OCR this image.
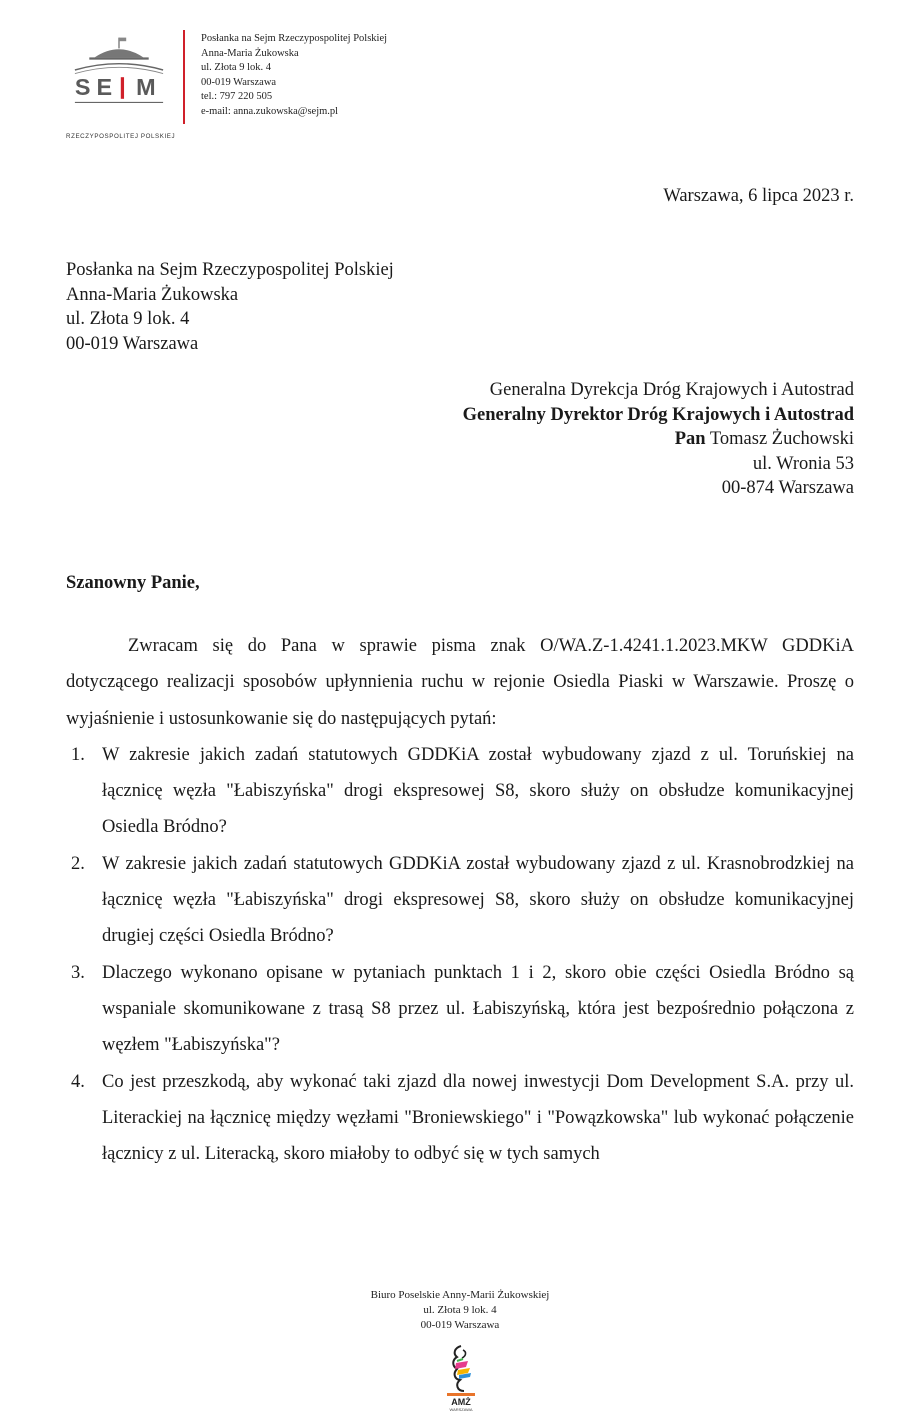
S E M
RZECZYPOSPOLITEJ POLSKIEJ
Posłanka na Sejm Rzeczypospolitej Polskiej
Anna-Maria Żukowska
ul. Złota 9 lok. 4
00-019 Warszawa
tel.: 797 220 505
e-mail: anna.zukowska@sejm.pl
Warszawa, 6 lipca 2023 r.
Posłanka na Sejm Rzeczypospolitej Polskiej
Anna-Maria Żukowska
ul. Złota 9 lok. 4
00-019 Warszawa
Generalna Dyrekcja Dróg Krajowych i Autostrad
Generalny Dyrektor Dróg Krajowych i Autostrad
Pan Tomasz Żuchowski
ul. Wronia 53
00-874 Warszawa
Szanowny Panie,

Zwracam się do Pana w sprawie pisma znak O/WA.Z-1.4241.1.2023.MKW GDDKiA dotyczącego realizacji sposobów upłynnienia ruchu w rejonie Osiedla Piaski w Warszawie. Proszę o wyjaśnienie i ustosunkowanie się do następujących pytań:

1. W zakresie jakich zadań statutowych GDDKiA został wybudowany zjazd z ul. Toruńskiej na łącznicę węzła "Łabiszyńska" drogi ekspresowej S8, skoro służy on obsłudze komunikacyjnej Osiedla Bródno?
2. W zakresie jakich zadań statutowych GDDKiA został wybudowany zjazd z ul. Krasnobrodzkiej na łącznicę węzła "Łabiszyńska" drogi ekspresowej S8, skoro służy on obsłudze komunikacyjnej drugiej części Osiedla Bródno?
3. Dlaczego wykonano opisane w pytaniach punktach 1 i 2, skoro obie części Osiedla Bródno są wspaniale skomunikowane z trasą S8 przez ul. Łabiszyńską, która jest bezpośrednio połączona z węzłem "Łabiszyńska"?
4. Co jest przeszkodą, aby wykonać taki zjazd dla nowej inwestycji Dom Development S.A. przy ul. Literackiej na łącznicę między węzłami "Broniewskiego" i "Powązkowska" lub wykonać połączenie łącznicy z ul. Literacką, skoro miałoby to odbyć się w tych samych
Biuro Poselskie Anny-Marii Żukowskiej
ul. Złota 9 lok. 4
00-019 Warszawa
AMŻ
WARSZAWA
